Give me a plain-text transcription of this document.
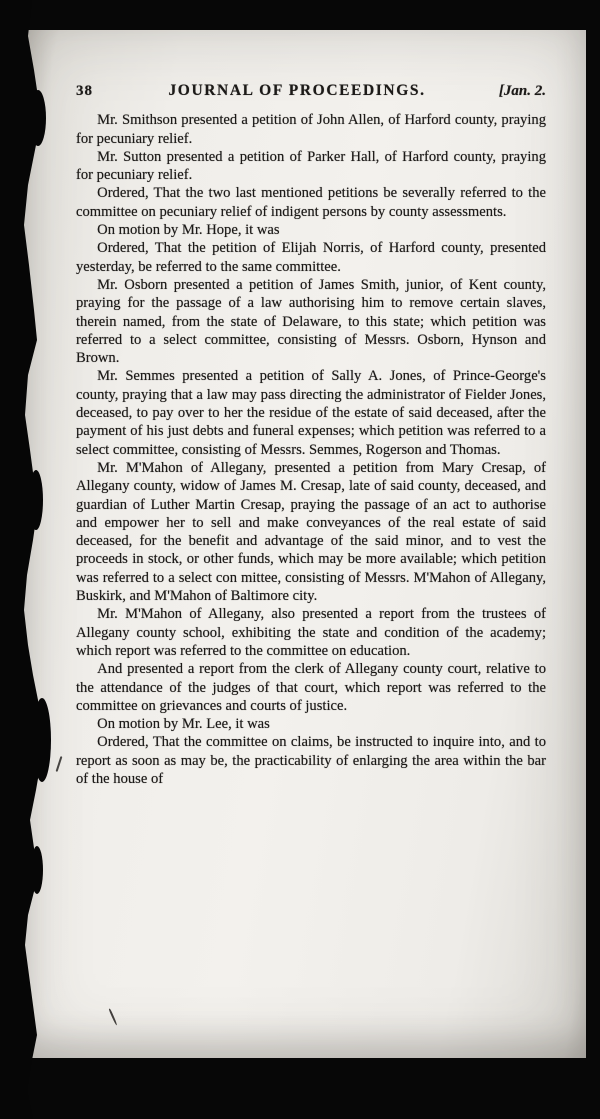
38	JOURNAL OF PROCEEDINGS.	[Jan. 2.

Mr. Smithson presented a petition of John Allen, of Harford county, praying for pecuniary relief.

Mr. Sutton presented a petition of Parker Hall, of Harford county, praying for pecuniary relief.

Ordered, That the two last mentioned petitions be severally referred to the committee on pecuniary relief of indigent persons by county assessments.

On motion by Mr. Hope, it was

Ordered, That the petition of Elijah Norris, of Harford county, presented yesterday, be referred to the same committee.

Mr. Osborn presented a petition of James Smith, junior, of Kent county, praying for the passage of a law authorising him to remove certain slaves, therein named, from the state of Delaware, to this state; which petition was referred to a select committee, consisting of Messrs. Osborn, Hynson and Brown.

Mr. Semmes presented a petition of Sally A. Jones, of Prince-George's county, praying that a law may pass directing the administrator of Fielder Jones, deceased, to pay over to her the residue of the estate of said deceased, after the payment of his just debts and funeral expenses; which petition was referred to a select committee, consisting of Messrs. Semmes, Rogerson and Thomas.

Mr. M'Mahon of Allegany, presented a petition from Mary Cresap, of Allegany county, widow of James M. Cresap, late of said county, deceased, and guardian of Luther Martin Cresap, praying the passage of an act to authorise and empower her to sell and make conveyances of the real estate of said deceased, for the benefit and advantage of the said minor, and to vest the proceeds in stock, or other funds, which may be more available; which petition was referred to a select con mittee, consisting of Messrs. M'Mahon of Allegany, Buskirk, and M'Mahon of Baltimore city.

Mr. M'Mahon of Allegany, also presented a report from the trustees of Allegany county school, exhibiting the state and condition of the academy; which report was referred to the committee on education.

And presented a report from the clerk of Allegany county court, relative to the attendance of the judges of that court, which report was referred to the committee on grievances and courts of justice.

On motion by Mr. Lee, it was

Ordered, That the committee on claims, be instructed to inquire into, and to report as soon as may be, the practicability of enlarging the area within the bar of the house of
